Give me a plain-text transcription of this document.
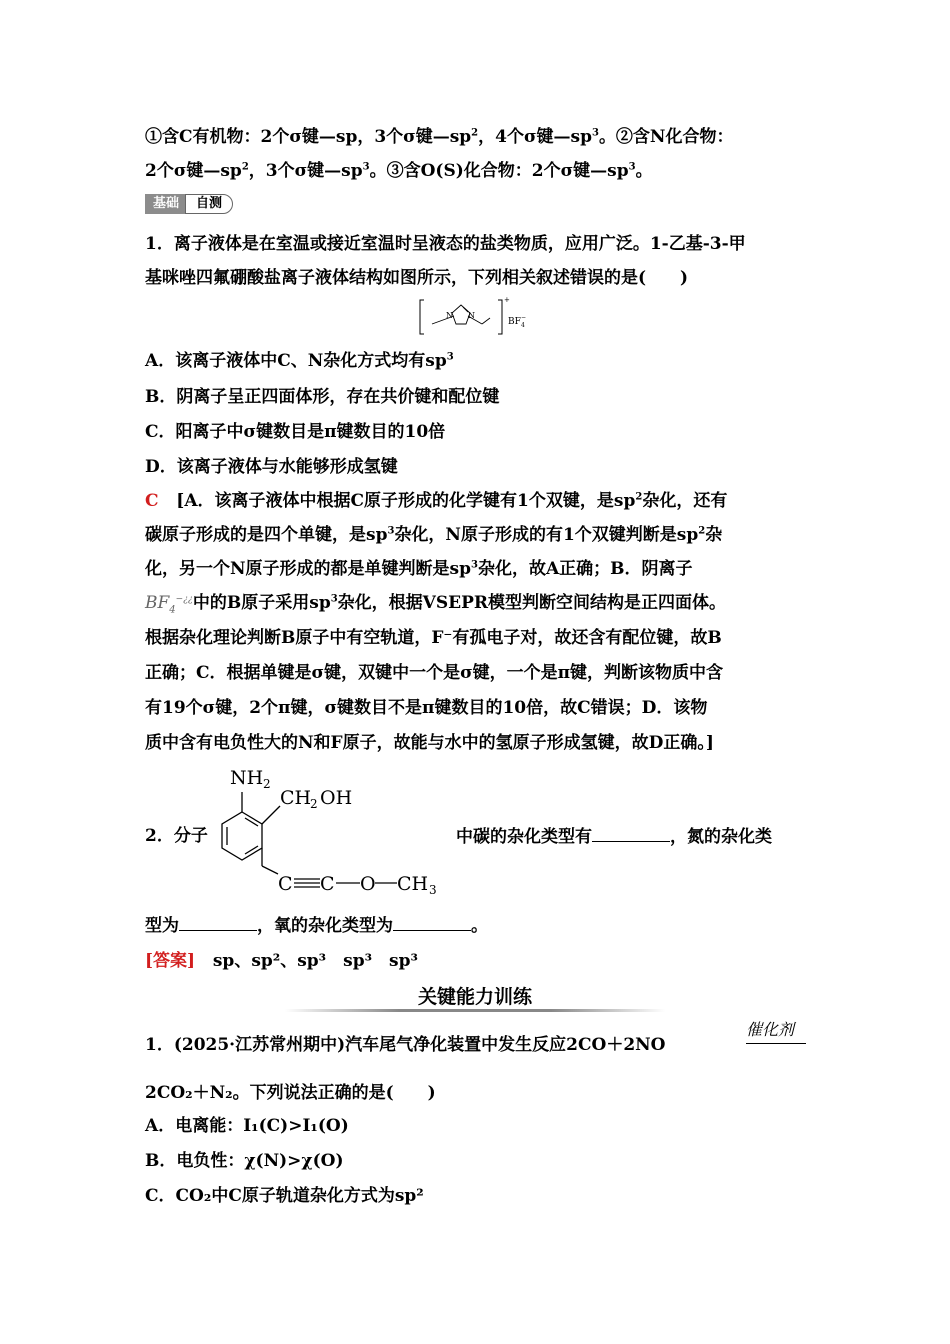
①含C有机物：2个σ键—sp，3个σ键$—sp^2$，4个σ键$—sp^3$。②含N化合物：
2个σ键$—sp^2$，3个σ键$—sp^3$。③含O(S)化合物：2个σ键$—sp^3$。
基础	自测
1．离子液体是在室温或接近室温时呈液态的盐类物质，应用广泛。1-乙基-3-甲
基咪唑四氟硼酸盐离子液体结构如图所示，下列相关叙述错误的是(　　)
N N
+
BF 4
−
A．该离子液体中C、N杂化方式均有$sp^3$
B．阴离子呈正四面体形，存在共价键和配位键
C．阳离子中σ键数目是π键数目的10倍
D．该离子液体与水能够形成氢键
C [A．该离子液体中根据C原子形成的化学键有1个双键，是$sp^2$杂化，还有
碳原子形成的是四个单键，是$sp^3$杂化，N原子形成的有1个双键判断是$sp^2$杂
化，另一个N原子形成的都是单键判断是$sp^3$杂化，故A正确；B．阴离子
$BF_4^{-¿¿}$中的B原子采用$sp^3$杂化，根据VSEPR模型判断空间结构是正四面体。
根据杂化理论判断B原子中有空轨道，F⁻有孤电子对，故还含有配位键，故B
正确；C．根据单键是σ键，双键中一个是σ键，一个是π键，判断该物质中含
有19个σ键，2个π键，σ键数目不是π键数目的10倍，故C错误；D．该物
质中含有电负性大的N和F原子，故能与水中的氢原子形成氢键，故D正确。]
NH 2
CH
2 OH
C C O CH 3
2．分子	中碳的杂化类型有	，氮的杂化类
型为	，氧的杂化类型为	。
[答案] sp、sp²、sp³　sp³　sp³
关键能力训练
1．(2025·江苏常州期中)汽车尾气净化装置中发生反应2CO＋2NO
催化剂
2CO₂＋N₂。下列说法正确的是(　　)
A．电离能：I₁(C)>I₁(O)
B．电负性：χ(N)>χ(O)
C．CO₂中C原子轨道杂化方式为sp²
